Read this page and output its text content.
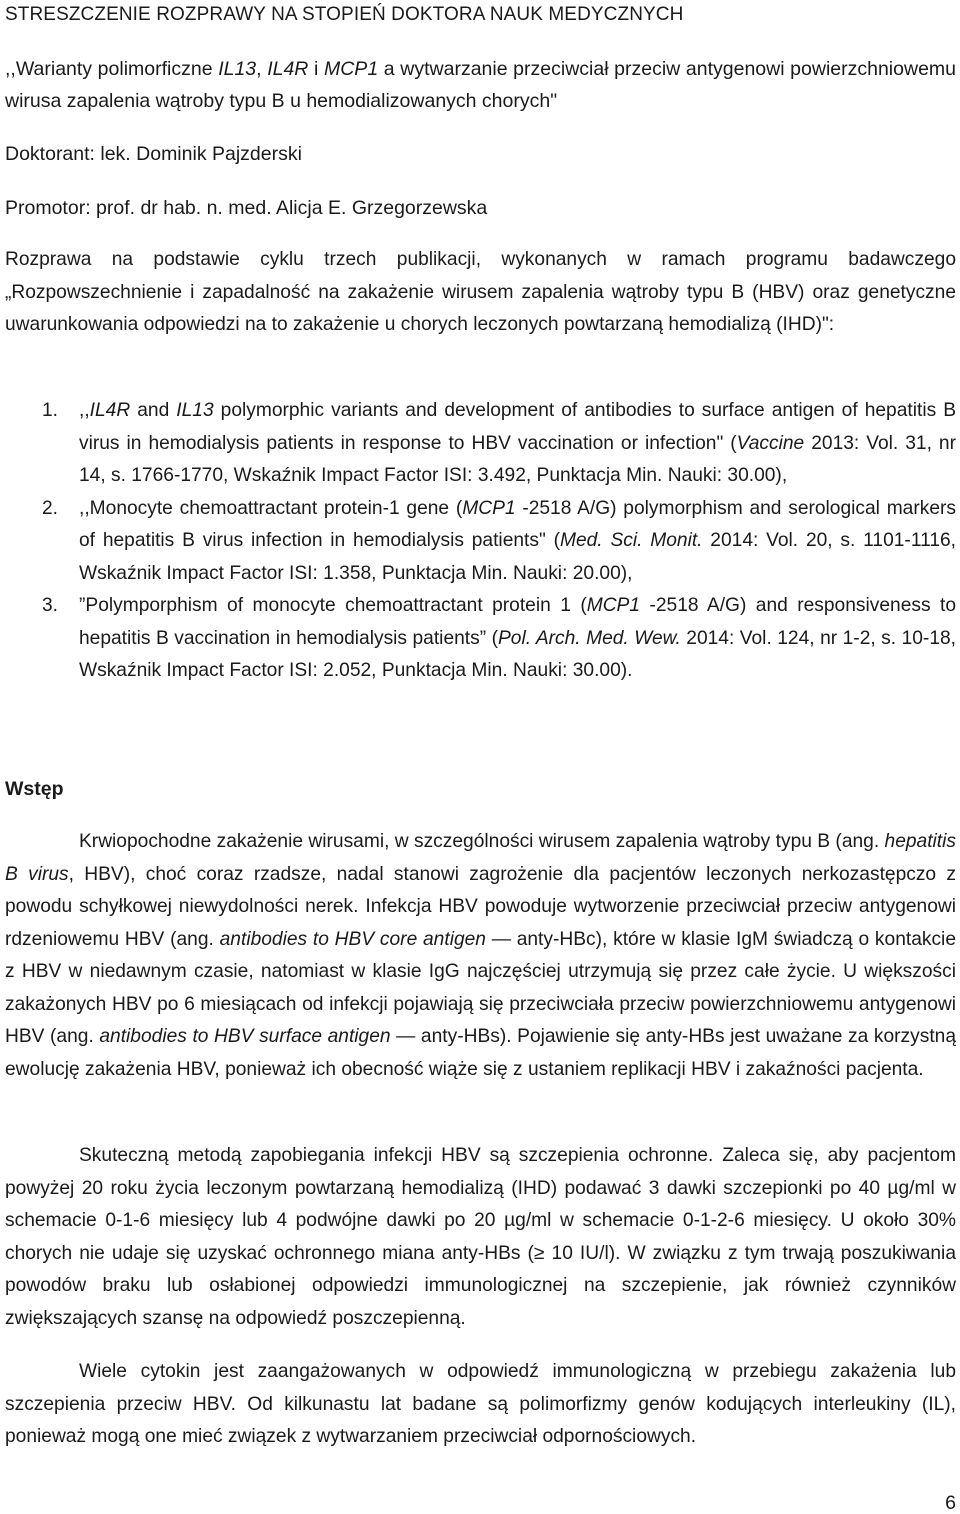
STRESZCZENIE ROZPRAWY NA STOPIEŃ DOKTORA NAUK MEDYCZNYCH
,,Warianty polimorficzne IL13, IL4R i MCP1 a wytwarzanie przeciwciał przeciw antygenowi powierzchniowemu wirusa zapalenia wątroby typu B u hemodializowanych chorych"
Doktorant: lek. Dominik Pajzderski
Promotor: prof. dr hab. n. med. Alicja E. Grzegorzewska

Rozprawa na podstawie cyklu trzech publikacji, wykonanych w ramach programu badawczego „Rozpowszechnienie i zapadalność na zakażenie wirusem zapalenia wątroby typu B (HBV) oraz genetyczne uwarunkowania odpowiedzi na to zakażenie u chorych leczonych powtarzaną hemodializą (IHD)":

1. ,,IL4R and IL13 polymorphic variants and development of antibodies to surface antigen of hepatitis B virus in hemodialysis patients in response to HBV vaccination or infection" (Vaccine 2013: Vol. 31, nr 14, s. 1766-1770, Wskaźnik Impact Factor ISI: 3.492, Punktacja Min. Nauki: 30.00),
2. ,,Monocyte chemoattractant protein-1 gene (MCP1 -2518 A/G) polymorphism and serological markers of hepatitis B virus infection in hemodialysis patients" (Med. Sci. Monit. 2014: Vol. 20, s. 1101-1116, Wskaźnik Impact Factor ISI: 1.358, Punktacja Min. Nauki: 20.00),
3. ”Polymporphism of monocyte chemoattractant protein 1 (MCP1 -2518 A/G) and responsiveness to hepatitis B vaccination in hemodialysis patients” (Pol. Arch. Med. Wew. 2014: Vol. 124, nr 1-2, s. 10-18, Wskaźnik Impact Factor ISI: 2.052, Punktacja Min. Nauki: 30.00).
Wstęp

Krwiopochodne zakażenie wirusami, w szczególności wirusem zapalenia wątroby typu B (ang. hepatitis B virus, HBV), choć coraz rzadsze, nadal stanowi zagrożenie dla pacjentów leczonych nerkozastępczo z powodu schyłkowej niewydolności nerek. Infekcja HBV powoduje wytworzenie przeciwciał przeciw antygenowi rdzeniowemu HBV (ang. antibodies to HBV core antigen — anty-HBc), które w klasie IgM świadczą o kontakcie z HBV w niedawnym czasie, natomiast w klasie IgG najczęściej utrzymują się przez całe życie. U większości zakażonych HBV po 6 miesiącach od infekcji pojawiają się przeciwciała przeciw powierzchniowemu antygenowi HBV (ang. antibodies to HBV surface antigen — anty-HBs). Pojawienie się anty-HBs jest uważane za korzystną ewolucję zakażenia HBV, ponieważ ich obecność wiąże się z ustaniem replikacji HBV i zakaźności pacjenta.

Skuteczną metodą zapobiegania infekcji HBV są szczepienia ochronne. Zaleca się, aby pacjentom powyżej 20 roku życia leczonym powtarzaną hemodializą (IHD) podawać 3 dawki szczepionki po 40 µg/ml w schemacie 0-1-6 miesięcy lub 4 podwójne dawki po 20 µg/ml w schemacie 0-1-2-6 miesięcy. U około 30% chorych nie udaje się uzyskać ochronnego miana anty-HBs (≥ 10 IU/l). W związku z tym trwają poszukiwania powodów braku lub osłabionej odpowiedzi immunologicznej na szczepienie, jak również czynników zwiększających szansę na odpowiedź poszczepienną.

Wiele cytokin jest zaangażowanych w odpowiedź immunologiczną w przebiegu zakażenia lub szczepienia przeciw HBV. Od kilkunastu lat badane są polimorfizmy genów kodujących interleukiny (IL), ponieważ mogą one mieć związek z wytwarzaniem przeciwciał odpornościowych.

6
